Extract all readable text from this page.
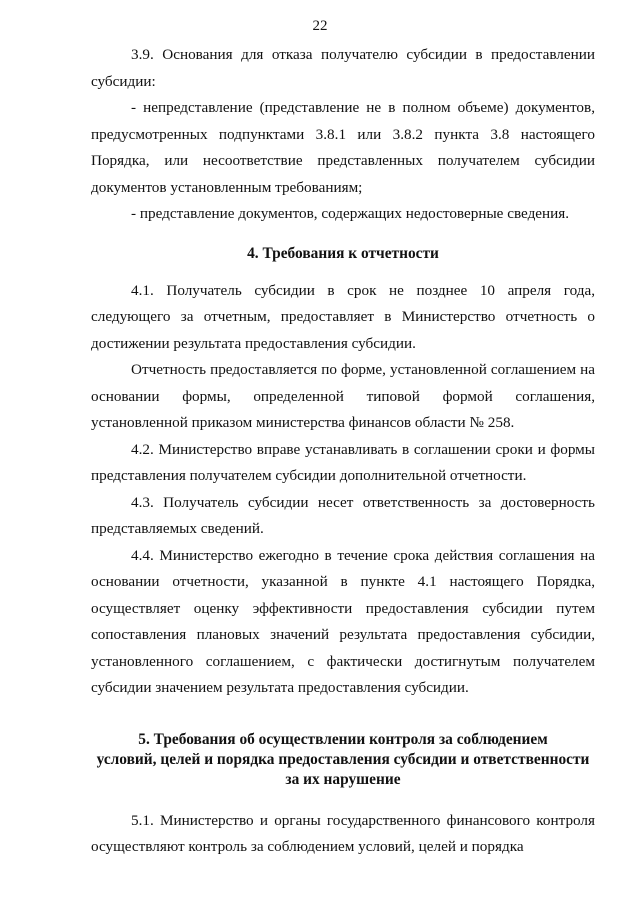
22

3.9. Основания для отказа получателю субсидии в предоставлении субсидии:

- непредставление (представление не в полном объеме) документов, предусмотренных подпунктами 3.8.1 или 3.8.2 пункта 3.8 настоящего Порядка, или несоответствие представленных получателем субсидии документов установленным требованиям;

- представление документов, содержащих недостоверные сведения.

4. Требования к отчетности

4.1. Получатель субсидии в срок не позднее 10 апреля года, следующего за отчетным, предоставляет в Министерство отчетность о достижении результата предоставления субсидии.

Отчетность предоставляется по форме, установленной соглашением на основании формы, определенной типовой формой соглашения, установленной приказом министерства финансов области № 258.

4.2. Министерство вправе устанавливать в соглашении сроки и формы представления получателем субсидии дополнительной отчетности.

4.3. Получатель субсидии несет ответственность за достоверность представляемых сведений.

4.4. Министерство ежегодно в течение срока действия соглашения на основании отчетности, указанной в пункте 4.1 настоящего Порядка, осуществляет оценку эффективности предоставления субсидии путем сопоставления плановых значений результата предоставления субсидии, установленного соглашением, с фактически достигнутым получателем субсидии значением результата предоставления субсидии.

5. Требования об осуществлении контроля за соблюдением
условий, целей и порядка предоставления субсидии и ответственности
за их нарушение

5.1. Министерство и органы государственного финансового контроля осуществляют контроль за соблюдением условий, целей и порядка
